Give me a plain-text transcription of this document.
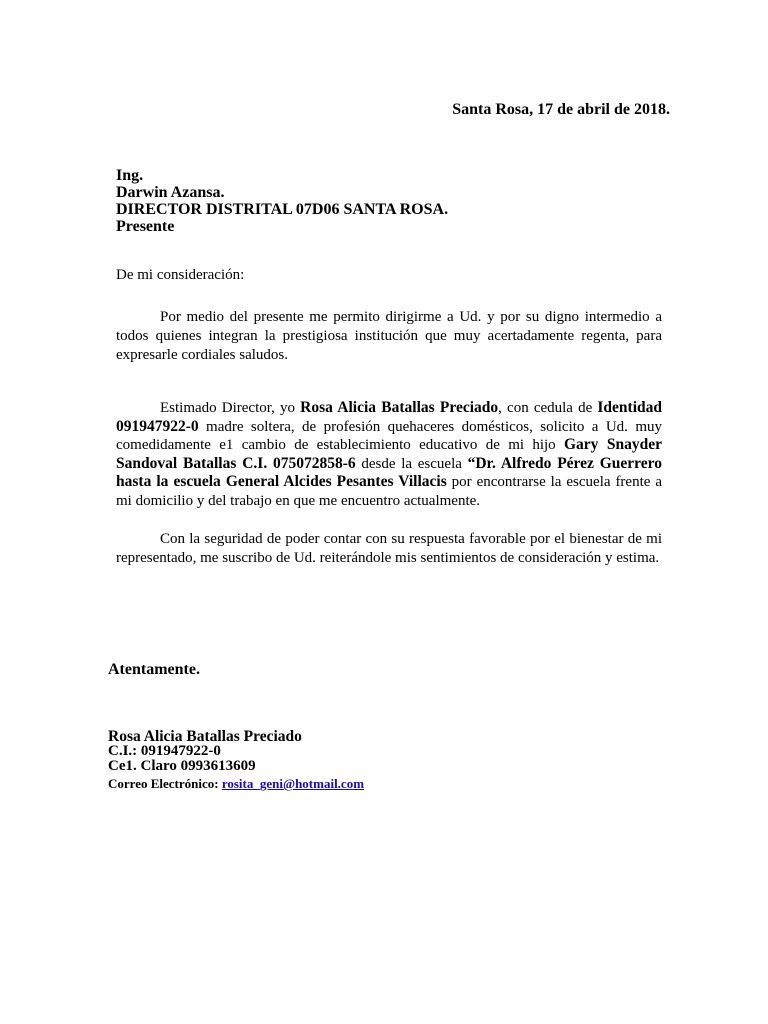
Santa Rosa, 17 de abril de 2018.
Ing.
Darwin Azansa.
DIRECTOR DISTRITAL 07D06 SANTA ROSA.
Presente
De mi consideración:
Por medio del presente me permito dirigirme a Ud. y por su digno intermedio a todos quienes integran la prestigiosa institución que muy acertadamente regenta, para expresarle cordiales saludos.
Estimado Director, yo Rosa Alicia Batallas Preciado, con cedula de Identidad 091947922-0 madre soltera, de profesión quehaceres domésticos, solicito a Ud. muy comedidamente e1 cambio de establecimiento educativo de mi hijo Gary Snayder Sandoval Batallas C.I. 075072858-6 desde la escuela “Dr. Alfredo Pérez Guerrero hasta la escuela General Alcides Pesantes Villacis por encontrarse la escuela frente a mi domicilio y del trabajo en que me encuentro actualmente.
Con la seguridad de poder contar con su respuesta favorable por el bienestar de mi representado, me suscribo de Ud. reiterándole mis sentimientos de consideración y estima.
Atentamente.
Rosa Alicia Batallas Preciado
C.I.: 091947922-0
Ce1. Claro 0993613609
Correo Electrónico: rosita_geni@hotmail.com
